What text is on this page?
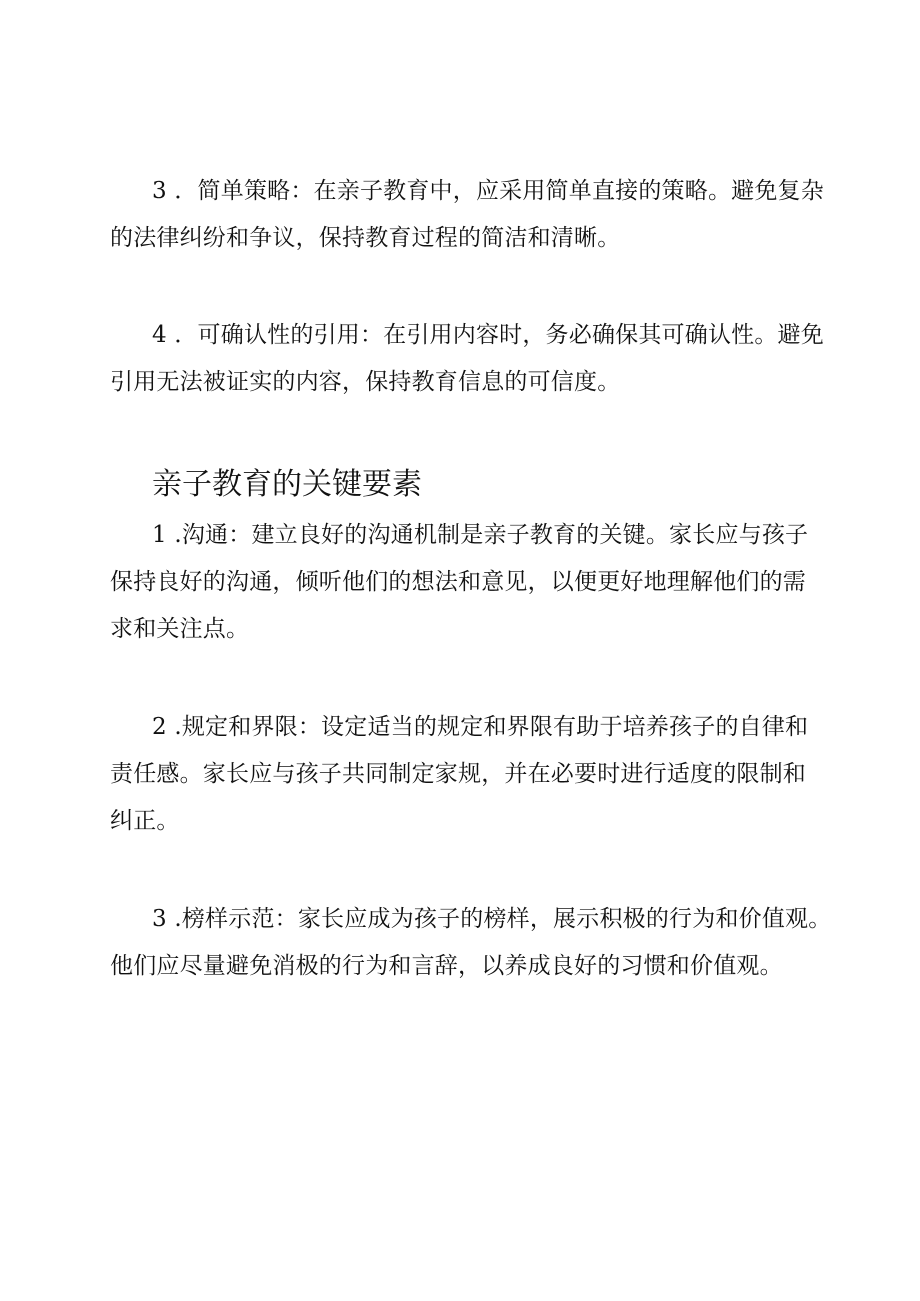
3 ．简单策略：在亲子教育中，应采用简单直接的策略。避免复杂
的法律纠纷和争议，保持教育过程的简洁和清晰。

4 ．可确认性的引用：在引用内容时，务必确保其可确认性。避免
引用无法被证实的内容，保持教育信息的可信度。

亲子教育的关键要素

1 .沟通：建立良好的沟通机制是亲子教育的关键。家长应与孩子
保持良好的沟通，倾听他们的想法和意见，以便更好地理解他们的需
求和关注点。

2 .规定和界限：设定适当的规定和界限有助于培养孩子的自律和
责任感。家长应与孩子共同制定家规，并在必要时进行适度的限制和
纠正。

3 .榜样示范：家长应成为孩子的榜样，展示积极的行为和价值观。
他们应尽量避免消极的行为和言辞，以养成良好的习惯和价值观。
